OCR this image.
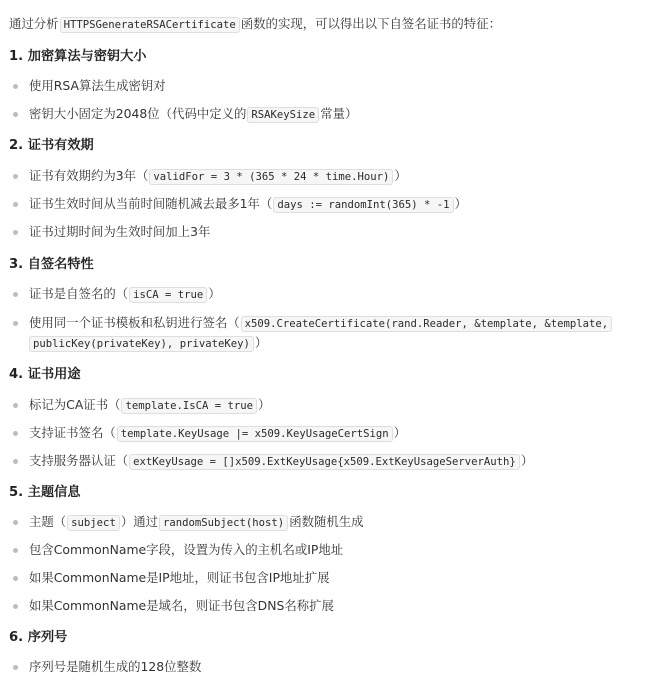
通过分析 HTTPSGenerateRSACertificate 函数的实现，可以得出以下自签名证书的特征：
1. 加密算法与密钥大小
使用RSA算法生成密钥对
密钥大小固定为2048位（代码中定义的 RSAKeySize 常量）
2. 证书有效期
证书有效期约为3年（ validFor = 3 * (365 * 24 * time.Hour) ）
证书生效时间从当前时间随机减去最多1年（ days := randomInt(365) * -1 ）
证书过期时间为生效时间加上3年
3. 自签名特性
证书是自签名的（ isCA = true ）
使用同一个证书模板和私钥进行签名（ x509.CreateCertificate(rand.Reader, &template, &template,
publicKey(privateKey), privateKey) ）
4. 证书用途
标记为CA证书（ template.IsCA = true ）
支持证书签名（ template.KeyUsage |= x509.KeyUsageCertSign ）
支持服务器认证（ extKeyUsage = []x509.ExtKeyUsage{x509.ExtKeyUsageServerAuth} ）
5. 主题信息
主题（ subject ）通过 randomSubject(host) 函数随机生成
包含CommonName字段，设置为传入的主机名或IP地址
如果CommonName是IP地址，则证书包含IP地址扩展
如果CommonName是域名，则证书包含DNS名称扩展
6. 序列号
序列号是随机生成的128位整数
